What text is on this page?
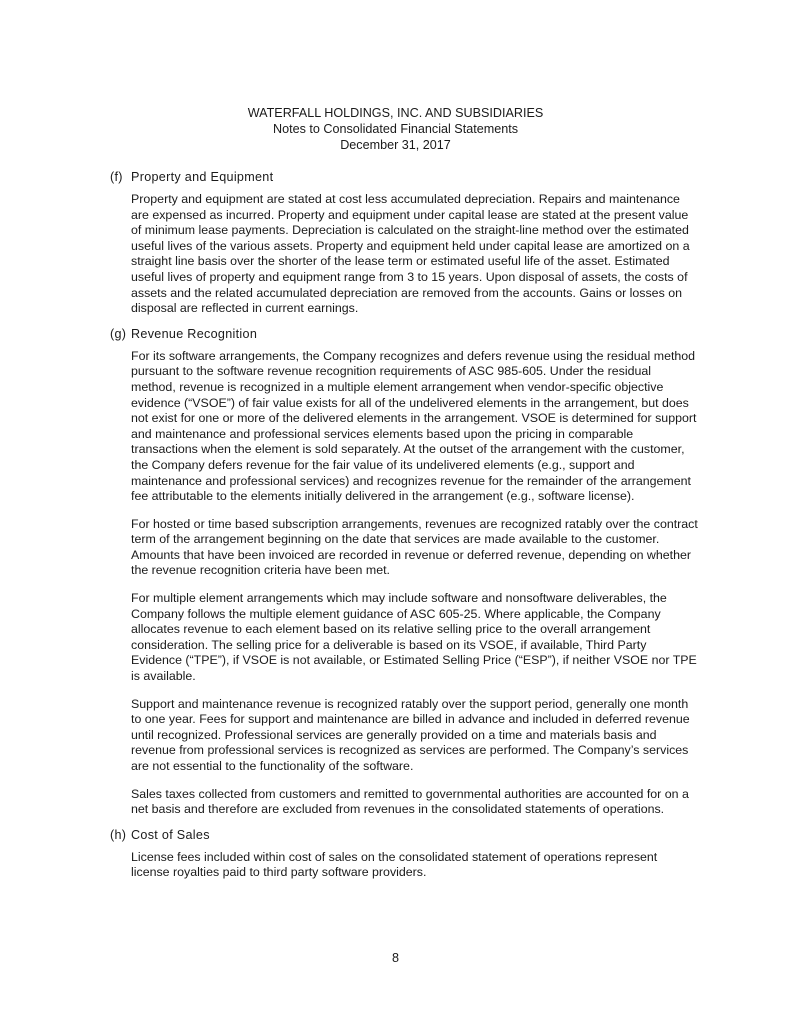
WATERFALL HOLDINGS, INC. AND SUBSIDIARIES
Notes to Consolidated Financial Statements
December 31, 2017
(f) Property and Equipment

Property and equipment are stated at cost less accumulated depreciation. Repairs and maintenance are expensed as incurred. Property and equipment under capital lease are stated at the present value of minimum lease payments. Depreciation is calculated on the straight-line method over the estimated useful lives of the various assets. Property and equipment held under capital lease are amortized on a straight line basis over the shorter of the lease term or estimated useful life of the asset. Estimated useful lives of property and equipment range from 3 to 15 years. Upon disposal of assets, the costs of assets and the related accumulated depreciation are removed from the accounts. Gains or losses on disposal are reflected in current earnings.

(g) Revenue Recognition

For its software arrangements, the Company recognizes and defers revenue using the residual method pursuant to the software revenue recognition requirements of ASC 985-605. Under the residual method, revenue is recognized in a multiple element arrangement when vendor-specific objective evidence (“VSOE”) of fair value exists for all of the undelivered elements in the arrangement, but does not exist for one or more of the delivered elements in the arrangement. VSOE is determined for support and maintenance and professional services elements based upon the pricing in comparable transactions when the element is sold separately. At the outset of the arrangement with the customer, the Company defers revenue for the fair value of its undelivered elements (e.g., support and maintenance and professional services) and recognizes revenue for the remainder of the arrangement fee attributable to the elements initially delivered in the arrangement (e.g., software license).

For hosted or time based subscription arrangements, revenues are recognized ratably over the contract term of the arrangement beginning on the date that services are made available to the customer. Amounts that have been invoiced are recorded in revenue or deferred revenue, depending on whether the revenue recognition criteria have been met.

For multiple element arrangements which may include software and nonsoftware deliverables, the Company follows the multiple element guidance of ASC 605-25. Where applicable, the Company allocates revenue to each element based on its relative selling price to the overall arrangement consideration. The selling price for a deliverable is based on its VSOE, if available, Third Party Evidence (“TPE”), if VSOE is not available, or Estimated Selling Price (“ESP”), if neither VSOE nor TPE is available.

Support and maintenance revenue is recognized ratably over the support period, generally one month to one year. Fees for support and maintenance are billed in advance and included in deferred revenue until recognized. Professional services are generally provided on a time and materials basis and revenue from professional services is recognized as services are performed. The Company’s services are not essential to the functionality of the software.

Sales taxes collected from customers and remitted to governmental authorities are accounted for on a net basis and therefore are excluded from revenues in the consolidated statements of operations.

(h) Cost of Sales

License fees included within cost of sales on the consolidated statement of operations represent license royalties paid to third party software providers.

8
